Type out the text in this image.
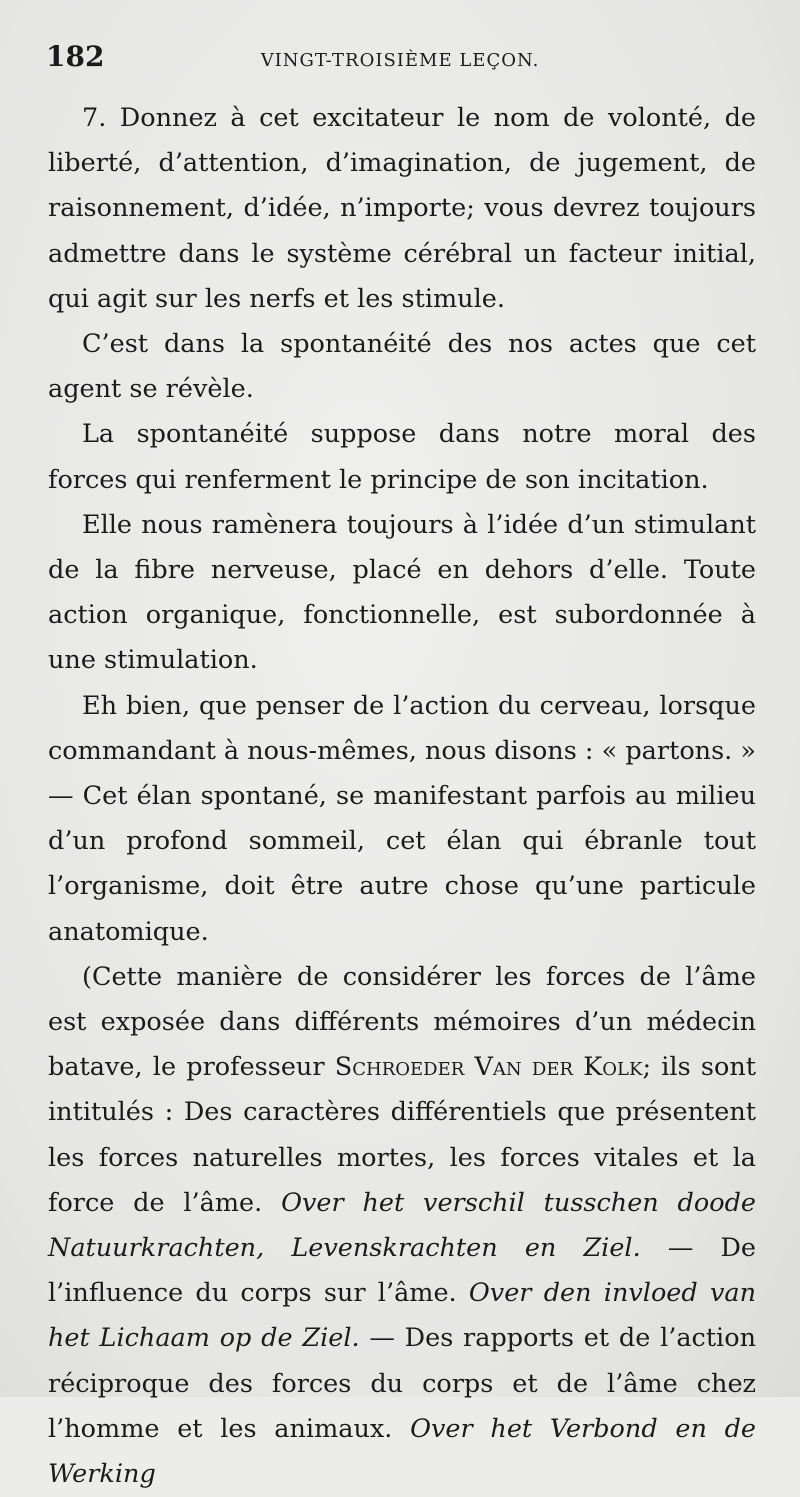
182	VINGT-TROISIÈME LEÇON.

7. Donnez à cet excitateur le nom de volonté, de liberté, d’attention, d’imagination, de jugement, de raisonnement, d’idée, n’importe; vous devrez toujours admettre dans le système cérébral un facteur initial, qui agit sur les nerfs et les stimule.

C’est dans la spontanéité des nos actes que cet agent se révèle.

La spontanéité suppose dans notre moral des forces qui renferment le principe de son incitation.

Elle nous ramènera toujours à l’idée d’un stimulant de la fibre nerveuse, placé en dehors d’elle. Toute action organique, fonctionnelle, est subordonnée à une stimulation.

Eh bien, que penser de l’action du cerveau, lorsque commandant à nous-mêmes, nous disons : « partons. » — Cet élan spontané, se manifestant parfois au milieu d’un profond sommeil, cet élan qui ébranle tout l’organisme, doit être autre chose qu’une particule anatomique.

(Cette manière de considérer les forces de l’âme est exposée dans différents mémoires d’un médecin batave, le professeur Schroeder Van der Kolk; ils sont intitulés : Des caractères différentiels que présentent les forces naturelles mortes, les forces vitales et la force de l’âme. Over het verschil tusschen doode Natuurkrachten, Levenskrachten en Ziel. — De l’influence du corps sur l’âme. Over den invloed van het Lichaam op de Ziel. — Des rapports et de l’action réciproque des forces du corps et de l’âme chez l’homme et les animaux. Over het Verbond en de Werking
